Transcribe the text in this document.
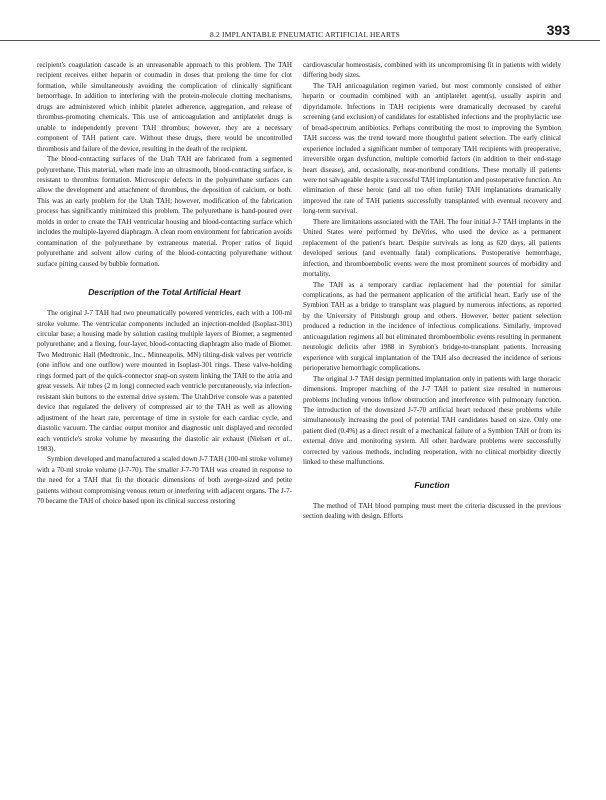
8.2 IMPLANTABLE PNEUMATIC ARTIFICIAL HEARTS	393

recipient's coagulation cascade is an unreasonable approach to this problem. The TAH recipient receives either heparin or coumadin in doses that prolong the time for clot formation, while simultaneously avoiding the complication of clinically significant hemorrhage. In addition to interfering with the protein-molecule clotting mechanisms, drugs are administered which inhibit platelet adherence, aggregation, and release of thrombus-promoting chemicals. This use of anticoagulation and antiplatelet drugs is unable to independently prevent TAH thrombus; however, they are a necessary component of TAH patient care. Without these drugs, there would be uncontrolled thrombosis and failure of the device, resulting in the death of the recipient.

The blood-contacting surfaces of the Utah TAH are fabricated from a segmented polyurethane. This material, when made into an ultrasmooth, blood-contacting surface, is resistant to thrombus formation. Microscopic defects in the polyurethane surfaces can allow the development and attachment of thrombus, the deposition of calcium, or both. This was an early problem for the Utah TAH; however, modification of the fabrication process has significantly minimized this problem. The polyurethane is hand-poured over molds in order to create the TAH ventricular housing and blood-contacting surface which includes the multiple-layered diaphragm. A clean room environment for fabrication avoids contamination of the polyurethane by extraneous material. Proper ratios of liquid polyurethane and solvent allow curing of the blood-contacting polyurethane without surface pitting caused by bubble formation.

Description of the Total Artificial Heart

The original J-7 TAH had two pneumatically powered ventricles, each with a 100-ml stroke volume. The ventricular components included an injection-molded (Isoplast-301) circular base; a housing made by solution casting multiple layers of Biomer, a segmented polyurethane; and a flexing, four-layer, blood-contacting diaphragm also made of Biomer. Two Medtronic Hall (Medtronic, Inc., Minneapolis, MN) tilting-disk valves per ventricle (one inflow and one outflow) were mounted in Isoplast-301 rings. These valve-holding rings formed part of the quick-connector snap-on system linking the TAH to the atria and great vessels. Air tubes (2 m long) connected each ventricle percutaneously, via infection-resistant skin buttons to the external drive system. The UtahDrive console was a patented device that regulated the delivery of compressed air to the TAH as well as allowing adjustment of the heart rate, percentage of time in systole for each cardiac cycle, and diastolic vacuum. The cardiac output monitor and diagnostic unit displayed and recorded each ventricle's stroke volume by measuring the diastolic air exhaust (Nielsen et al., 1983).

Symbion developed and manufactured a scaled down J-7 TAH (100-ml stroke volume) with a 70-ml stroke volume (J-7-70). The smaller J-7-70 TAH was created in response to the need for a TAH that fit the thoracic dimensions of both averge-sized and petite patients without compromising venous return or interfering with adjacent organs. The J-7-70 became the TAH of choice based upon its clinical success restoring

cardiovascular homeostasis, combined with its uncompromising fit in patients with widely differing body sizes.

The TAH anticoagulation regimen varied, but most commonly consisted of either heparin or coumadin combined with an antiplatelet agent(s), usually aspirin and dipyridamole. Infections in TAH recipients were dramatically decreased by careful screening (and exclusion) of candidates for established infections and the prophylactic use of broad-spectrum antibiotics. Perhaps contributing the most to improving the Symbion TAH success was the trend toward more thoughtful patient selection. The early clinical experience included a significant number of temporary TAH recipients with preoperative, irreversible organ dysfunction, multiple comorbid factors (in addition to their end-stage heart disease), and, occasionally, near-moribund conditions. These mortally ill patients were not salvageable despite a successful TAH implantation and postoperative function. An elimination of these heroic (and all too often futile) TAH implantations dramatically improved the rate of TAH patients successfully transplanted with eventual recovery and long-term survival.

There are limitations associated with the TAH. The four initial J-7 TAH implants in the United States were performed by DeVries, who used the device as a permanent replacement of the patient's heart. Despite survivals as long as 620 days, all patients developed serious (and eventually fatal) complications. Postoperative hemorrhage, infection, and thromboembolic events were the most prominent sources of morbidity and mortality.

The TAH as a temporary cardiac replacement had the potential for similar complications, as had the permanent application of the artificial heart. Early use of the Symbion TAH as a bridge to transplant was plagued by numerous infections, as reported by the University of Pittsburgh group and others. However, better patient selection produced a reduction in the incidence of infectious complications. Similarly, improved anticoagulation regimens all but eliminated thromboembolic events resulting in permanent neurologic deficits after 1988 in Symbion's bridge-to-transplant patients. Increasing experience with surgical implantation of the TAH also decreased the incidence of serious perioperative hemorrhagic complications.

The original J-7 TAH design permitted implantation only in patients with large thoracic dimensions. Improper matching of the J-7 TAH to patient size resulted in numerous problems including venous inflow obstruction and interference with pulmonary function. The introduction of the downsized J-7-70 artificial heart reduced these problems while simultaneously increasing the pool of potential TAH candidates based on size. Only one patient died (0.4%) as a direct result of a mechanical failure of a Symbion TAH or from its external drive and monitoring system. All other hardware problems were successfully corrected by various methods, including reoperation, with no clinical morbidity directly linked to these malfunctions.

Function

The method of TAH blood pumping must meet the criteria discussed in the previous section dealing with design. Efforts
